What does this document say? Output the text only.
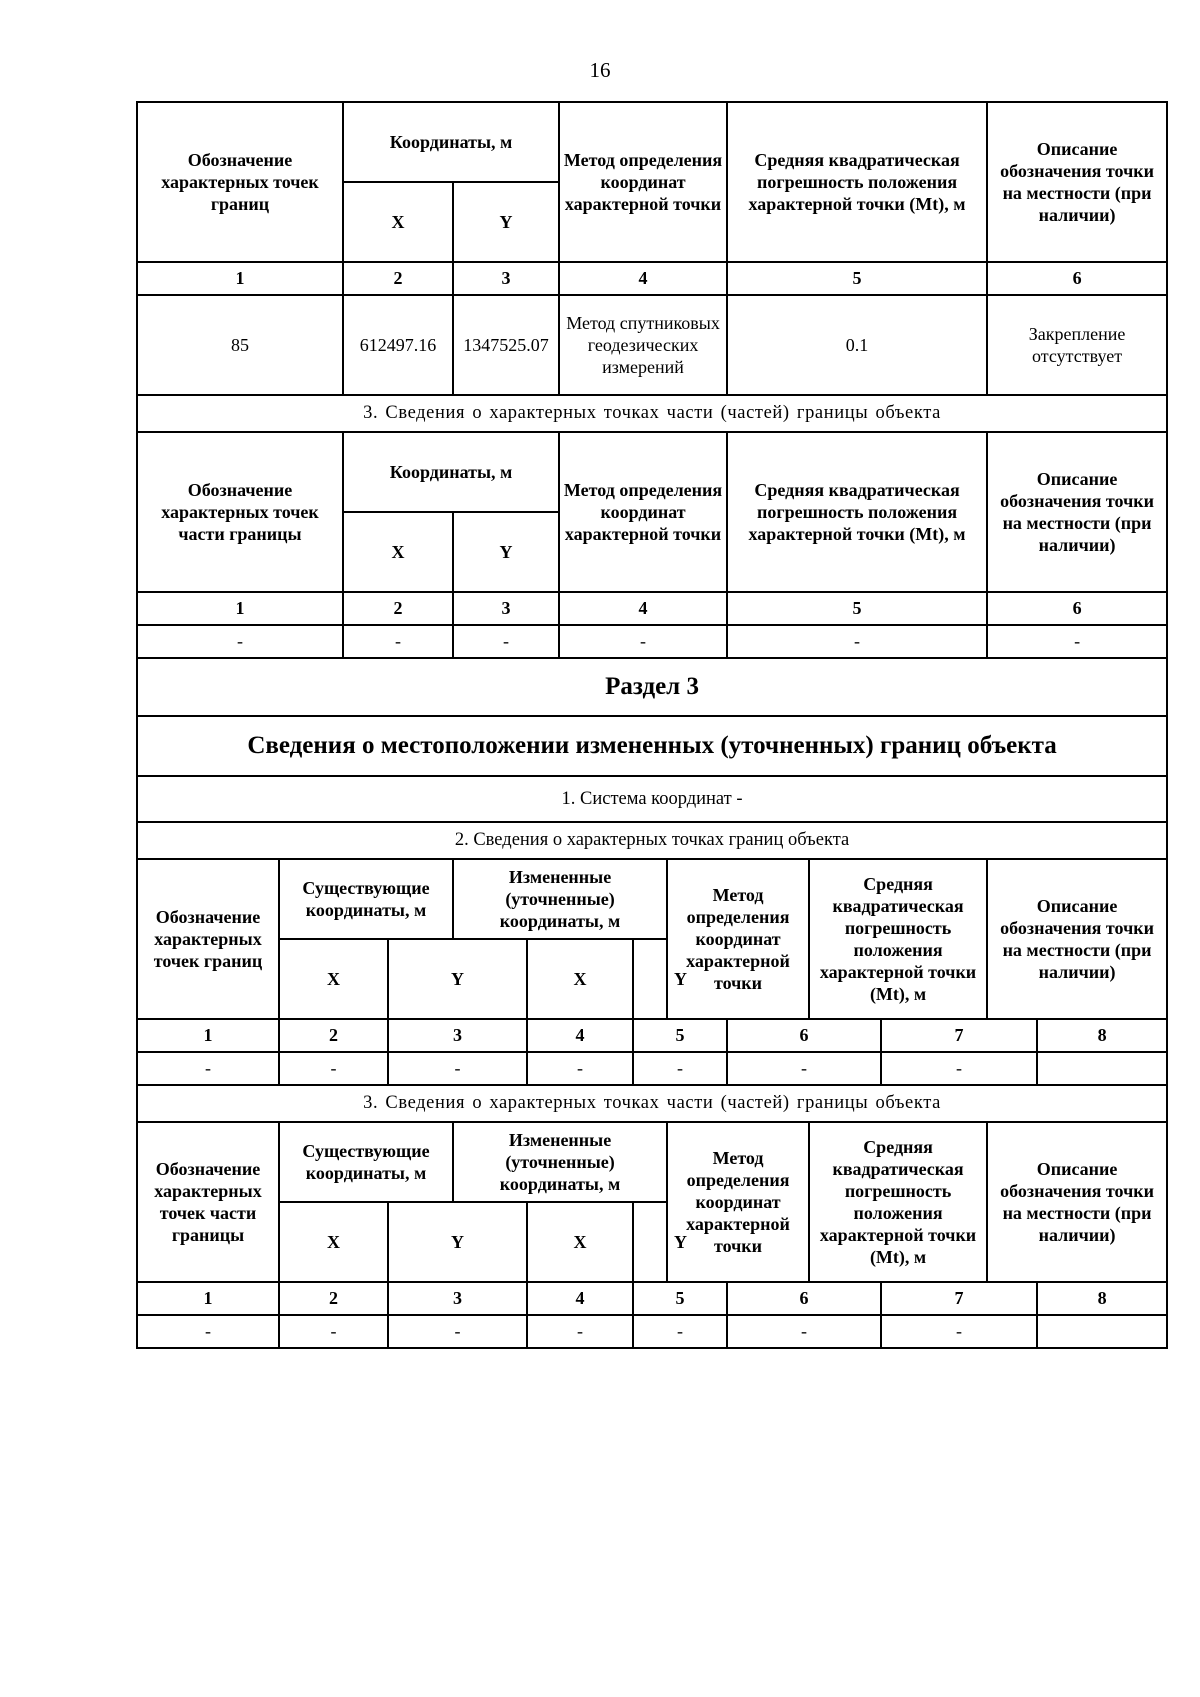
16
Обозначение характерных точек границ		Координаты, м				Метод определения координат характерной точки			Средняя квадратическая погрешность положения характерной точки (Mt), м			Описание обозначения точки на местности (при наличии)	
		X		Y									
1		2		3		4			5			6	
85		612497.16		1347525.07		Метод спутниковых геодезических измерений			0.1			Закрепление отсутствует	
3. Сведения о характерных точках части (частей) границы объекта													
Обозначение характерных точек части границы		Координаты, м				Метод определения координат характерной точки			Средняя квадратическая погрешность положения характерной точки (Mt), м			Описание обозначения точки на местности (при наличии)	
		X		Y									
1		2		3		4			5			6	
-		-		-		-			-			-	
Раздел 3													
Сведения о местоположении измененных (уточненных) границ объекта													
1. Система координат -													
2. Сведения о характерных точках границ объекта													
Обозначение характерных точек границ	Существующие координаты, м			Измененные (уточненные) координаты, м				Метод определения координат характерной точки		Средняя квадратическая погрешность положения характерной точки (Mt), м		Описание обозначения точки на местности (при наличии)	
	X		Y		X		Y						
1	2		3		4		5		6		7		8
-	-		-		-		-		-		-		
3. Сведения о характерных точках части (частей) границы объекта													
Обозначение характерных точек части границы	Существующие координаты, м			Измененные (уточненные) координаты, м				Метод определения координат характерной точки		Средняя квадратическая погрешность положения характерной точки (Mt), м		Описание обозначения точки на местности (при наличии)	
	X		Y		X		Y						
1	2		3		4		5		6		7		8
-	-		-		-		-		-		-		
